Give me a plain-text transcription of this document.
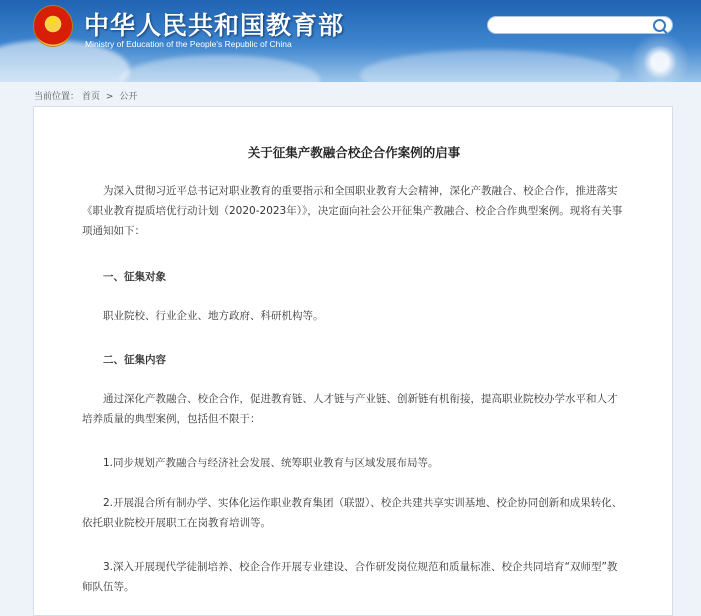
★ 中华人民共和国教育部
Ministry of Education of the People's Republic of China
当前位置： 首页 > 公开
关于征集产教融合校企合作案例的启事

为深入贯彻习近平总书记对职业教育的重要指示和全国职业教育大会精神，深化产教融合、校企合作，推进落实《职业教育提质培优行动计划（2020-2023年）》，决定面向社会公开征集产教融合、校企合作典型案例。现将有关事项通知如下：

一、征集对象

职业院校、行业企业、地方政府、科研机构等。

二、征集内容

通过深化产教融合、校企合作，促进教育链、人才链与产业链、创新链有机衔接，提高职业院校办学水平和人才培养质量的典型案例，包括但不限于：

1.同步规划产教融合与经济社会发展、统筹职业教育与区域发展布局等。

2.开展混合所有制办学、实体化运作职业教育集团（联盟）、校企共建共享实训基地、校企协同创新和成果转化、依托职业院校开展职工在岗教育培训等。

3.深入开展现代学徒制培养、校企合作开展专业建设、合作研发岗位规范和质量标准、校企共同培育“双师型”教师队伍等。
